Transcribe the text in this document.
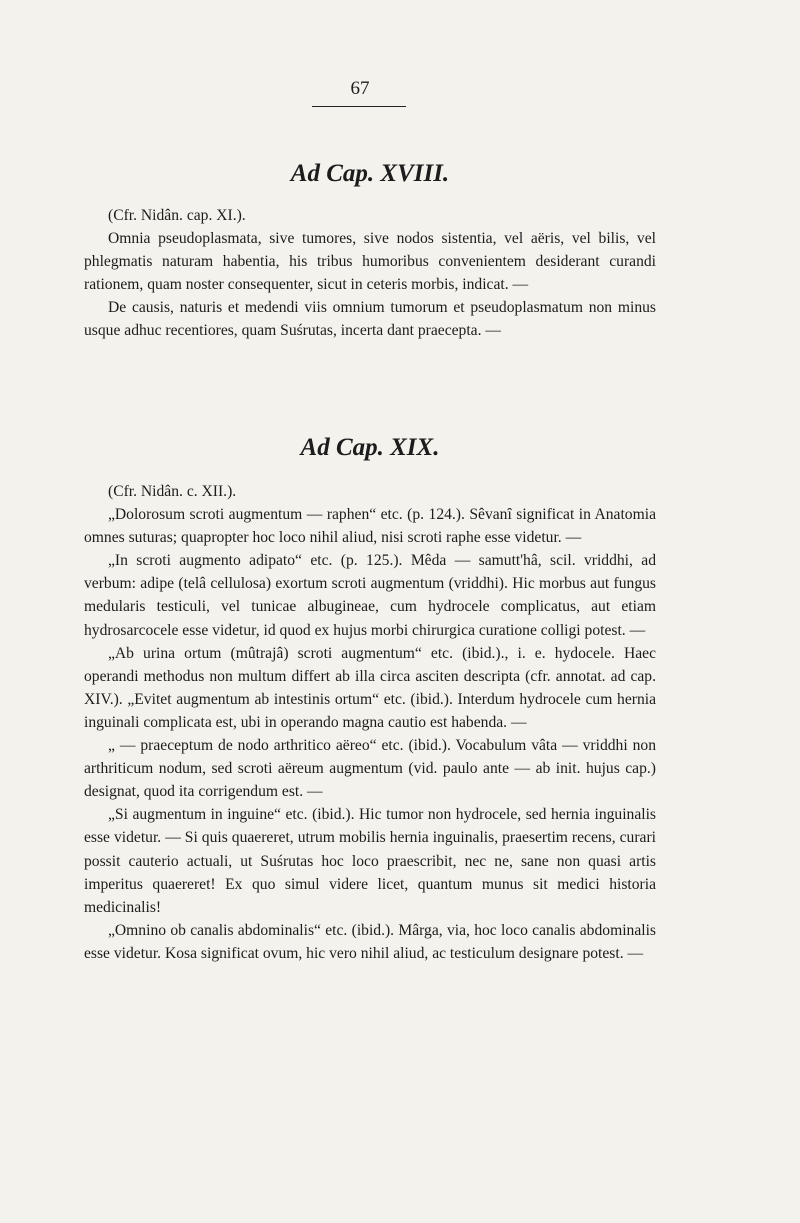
67
Ad Cap. XVIII.

(Cfr. Nidân. cap. XI.).

Omnia pseudoplasmata, sive tumores, sive nodos sistentia, vel aëris, vel bilis, vel phlegmatis naturam habentia, his tribus humoribus convenientem desiderant curandi rationem, quam noster consequenter, sicut in ceteris morbis, indicat. —

De causis, naturis et medendi viis omnium tumorum et pseudoplasmatum non minus usque adhuc recentiores, quam Suśrutas, incerta dant praecepta. —

Ad Cap. XIX.

(Cfr. Nidân. c. XII.).

„Dolorosum scroti augmentum — raphen“ etc. (p. 124.). Sêvanî significat in Anatomia omnes suturas; quapropter hoc loco nihil aliud, nisi scroti raphe esse videtur. —

„In scroti augmento adipato“ etc. (p. 125.). Mêda — samutt'hâ, scil. vriddhi, ad verbum: adipe (telâ cellulosa) exortum scroti augmentum (vriddhi). Hic morbus aut fungus medularis testiculi, vel tunicae albugineae, cum hydrocele complicatus, aut etiam hydrosarcocele esse videtur, id quod ex hujus morbi chirurgica curatione colligi potest. —

„Ab urina ortum (mûtrajâ) scroti augmentum“ etc. (ibid.)., i. e. hydocele. Haec operandi methodus non multum differt ab illa circa asciten descripta (cfr. annotat. ad cap. XIV.). „Evitet augmentum ab intestinis ortum“ etc. (ibid.). Interdum hydrocele cum hernia inguinali complicata est, ubi in operando magna cautio est habenda. —

„ — praeceptum de nodo arthritico aëreo“ etc. (ibid.). Vocabulum vâta — vriddhi non arthriticum nodum, sed scroti aëreum augmentum (vid. paulo ante — ab init. hujus cap.) designat, quod ita corrigendum est. —

„Si augmentum in inguine“ etc. (ibid.). Hic tumor non hydrocele, sed hernia inguinalis esse videtur. — Si quis quaereret, utrum mobilis hernia inguinalis, praesertim recens, curari possit cauterio actuali, ut Suśrutas hoc loco praescribit, nec ne, sane non quasi artis imperitus quaereret! Ex quo simul videre licet, quantum munus sit medici historia medicinalis!

„Omnino ob canalis abdominalis“ etc. (ibid.). Mârga, via, hoc loco canalis abdominalis esse videtur. Kosa significat ovum, hic vero nihil aliud, ac testiculum designare potest. —
